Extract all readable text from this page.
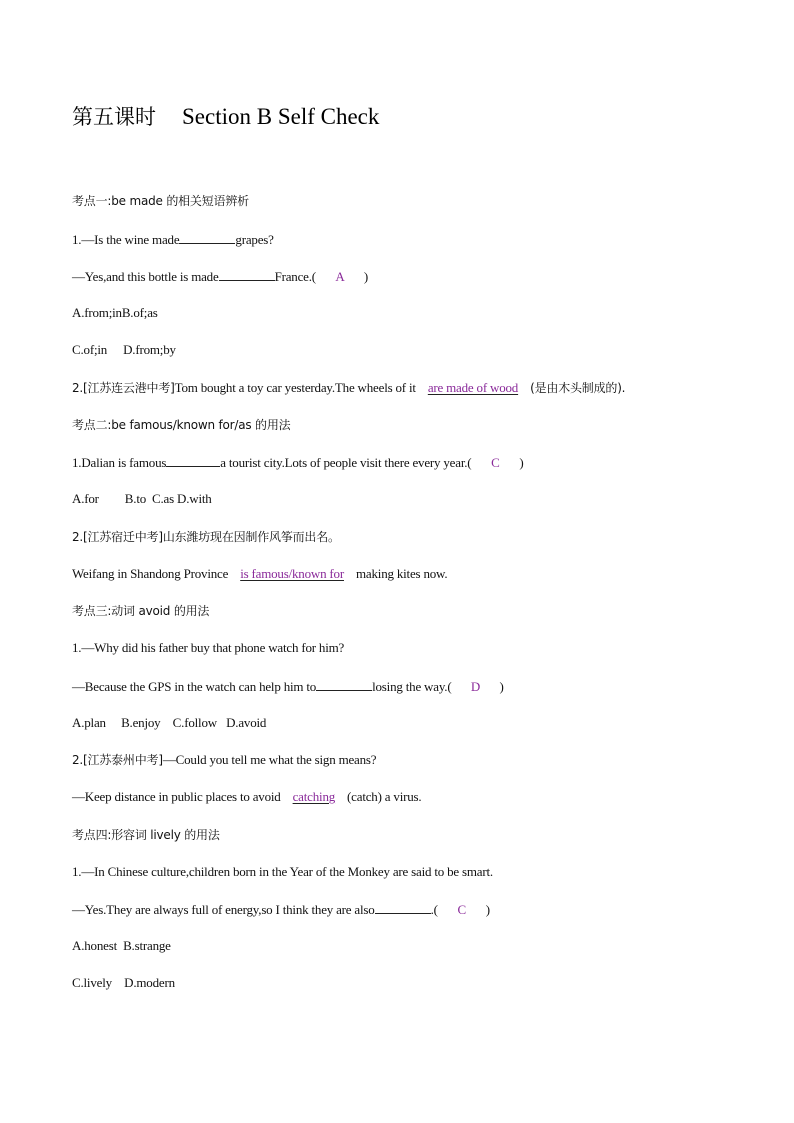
第五课时 Section B Self Check
考点一:be made 的相关短语辨析
1.—Is the wine made	grapes?
—Yes,and this bottle is made	France.( A )
A.from;inB.of;as
C.of;in D.from;by
2.[江苏连云港中考]Tom bought a toy car yesterday.The wheels of it are made of wood (是由木头制成的).
考点二:be famous/known for/as 的用法
1.Dalian is famous	a tourist city.Lots of people visit there every year.( C )
A.for B.to C.as D.with
2.[江苏宿迁中考]山东潍坊现在因制作风筝而出名。
Weifang in Shandong Province is famous/known for making kites now.
考点三:动词 avoid 的用法
1.—Why did his father buy that phone watch for him?
—Because the GPS in the watch can help him to	losing the way.( D )
A.plan     B.enjoy    C.follow   D.avoid
2.[江苏泰州中考]—Could you tell me what the sign means?
—Keep distance in public places to avoid catching (catch) a virus.
考点四:形容词 lively 的用法
1.—In Chinese culture,children born in the Year of the Monkey are said to be smart.
—Yes.They are always full of energy,so I think they are also	.( C )
A.honest  B.strange
C.lively    D.modern
